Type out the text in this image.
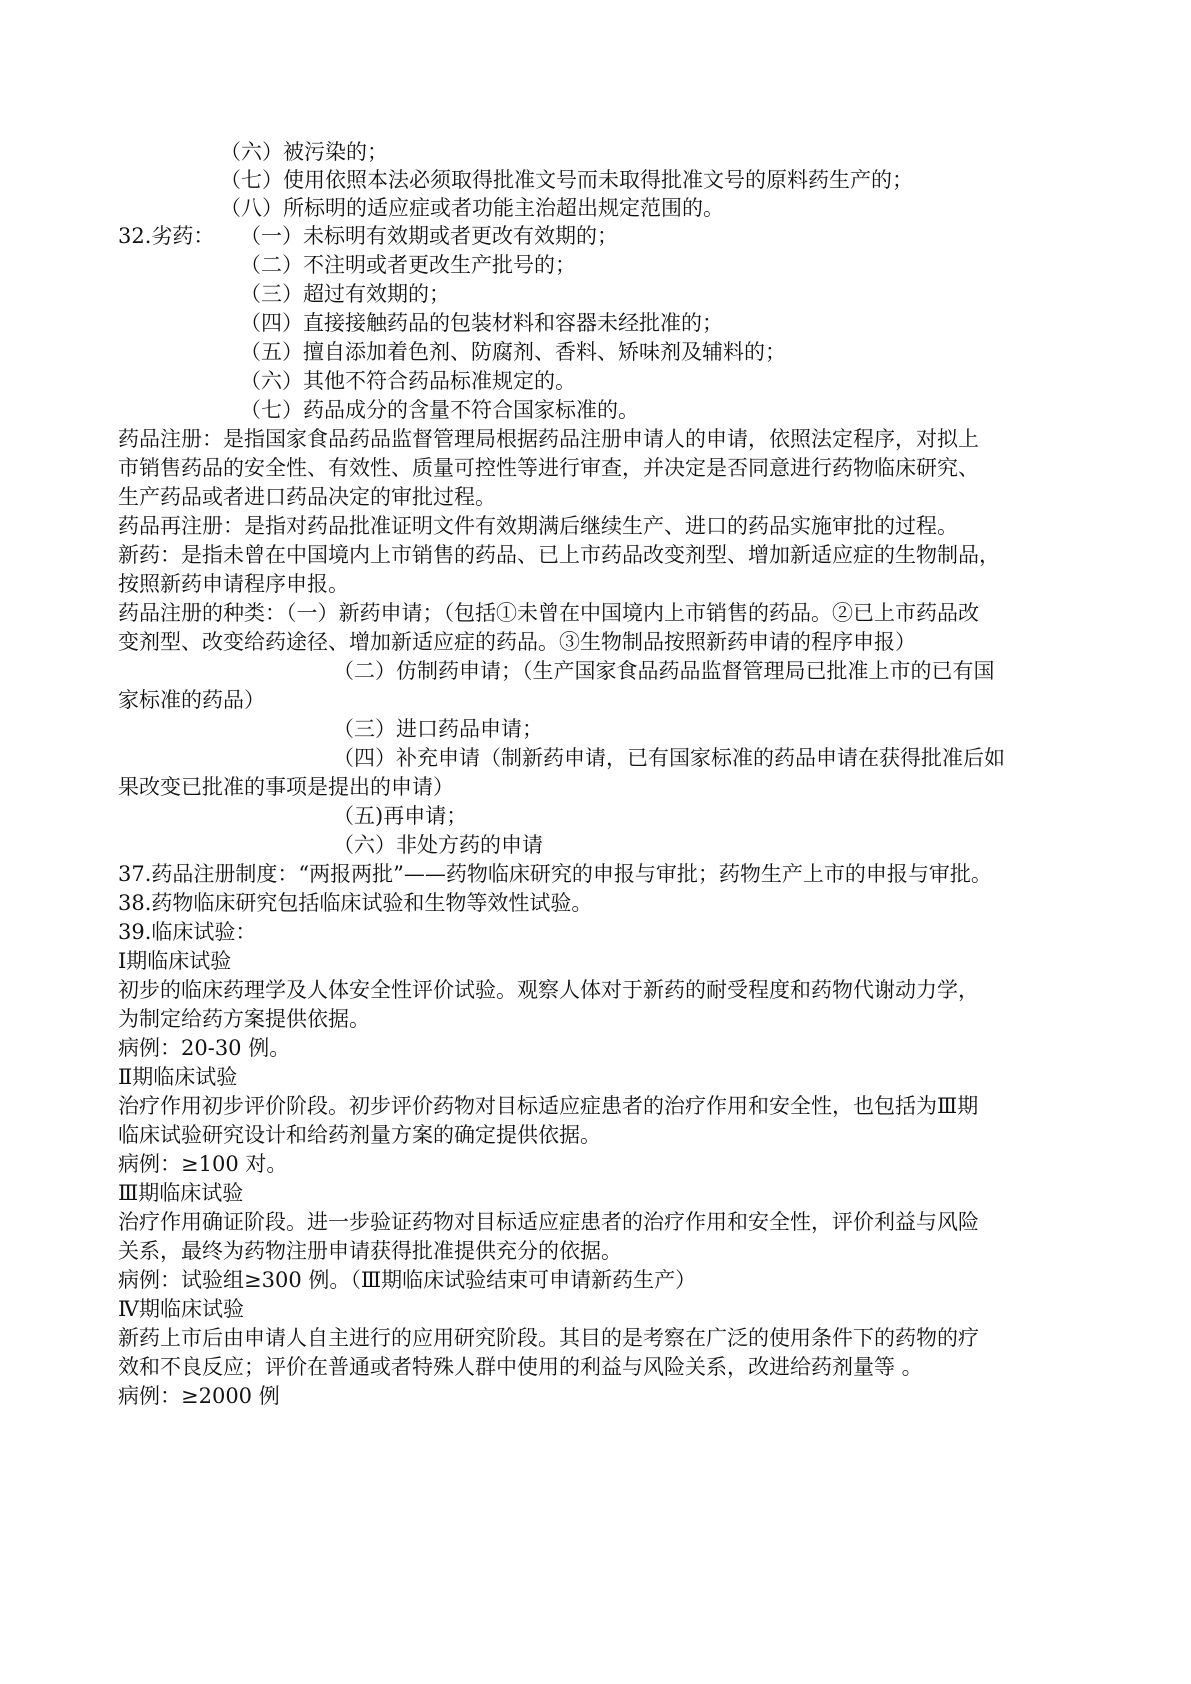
（六）被污染的；
（七）使用依照本法必须取得批准文号而未取得批准文号的原料药生产的；
（八）所标明的适应症或者功能主治超出规定范围的。
32.劣药： （一）未标明有效期或者更改有效期的；
（二）不注明或者更改生产批号的；
（三）超过有效期的；
（四）直接接触药品的包装材料和容器未经批准的；
（五）擅自添加着色剂、防腐剂、香料、矫味剂及辅料的；
（六）其他不符合药品标准规定的。
（七）药品成分的含量不符合国家标准的。
药品注册：是指国家食品药品监督管理局根据药品注册申请人的申请，依照法定程序，对拟上
市销售药品的安全性、有效性、质量可控性等进行审查，并决定是否同意进行药物临床研究、
生产药品或者进口药品决定的审批过程。
药品再注册：是指对药品批准证明文件有效期满后继续生产、进口的药品实施审批的过程。
新药：是指未曾在中国境内上市销售的药品、已上市药品改变剂型、增加新适应症的生物制品，
按照新药申请程序申报。
药品注册的种类：（一）新药申请；（包括①未曾在中国境内上市销售的药品。②已上市药品改
变剂型、改变给药途径、增加新适应症的药品。③生物制品按照新药申请的程序申报）
（二）仿制药申请；（生产国家食品药品监督管理局已批准上市的已有国
家标准的药品）
（三）进口药品申请；
（四）补充申请（制新药申请，已有国家标准的药品申请在获得批准后如
果改变已批准的事项是提出的申请）
（五)再申请；
（六）非处方药的申请
37.药品注册制度：“两报两批”——药物临床研究的申报与审批；药物生产上市的申报与审批。
38.药物临床研究包括临床试验和生物等效性试验。
39.临床试验：
Ⅰ期临床试验
初步的临床药理学及人体安全性评价试验。观察人体对于新药的耐受程度和药物代谢动力学，
为制定给药方案提供依据。
病例：20-30 例。
Ⅱ期临床试验
治疗作用初步评价阶段。初步评价药物对目标适应症患者的治疗作用和安全性，也包括为Ⅲ期
临床试验研究设计和给药剂量方案的确定提供依据。
病例：≥100 对。
Ⅲ期临床试验
治疗作用确证阶段。进一步验证药物对目标适应症患者的治疗作用和安全性，评价利益与风险
关系，最终为药物注册申请获得批准提供充分的依据。
病例：试验组≥300 例。（Ⅲ期临床试验结束可申请新药生产）
Ⅳ期临床试验
新药上市后由申请人自主进行的应用研究阶段。其目的是考察在广泛的使用条件下的药物的疗
效和不良反应；评价在普通或者特殊人群中使用的利益与风险关系，改进给药剂量等 。
病例：≥2000 例
